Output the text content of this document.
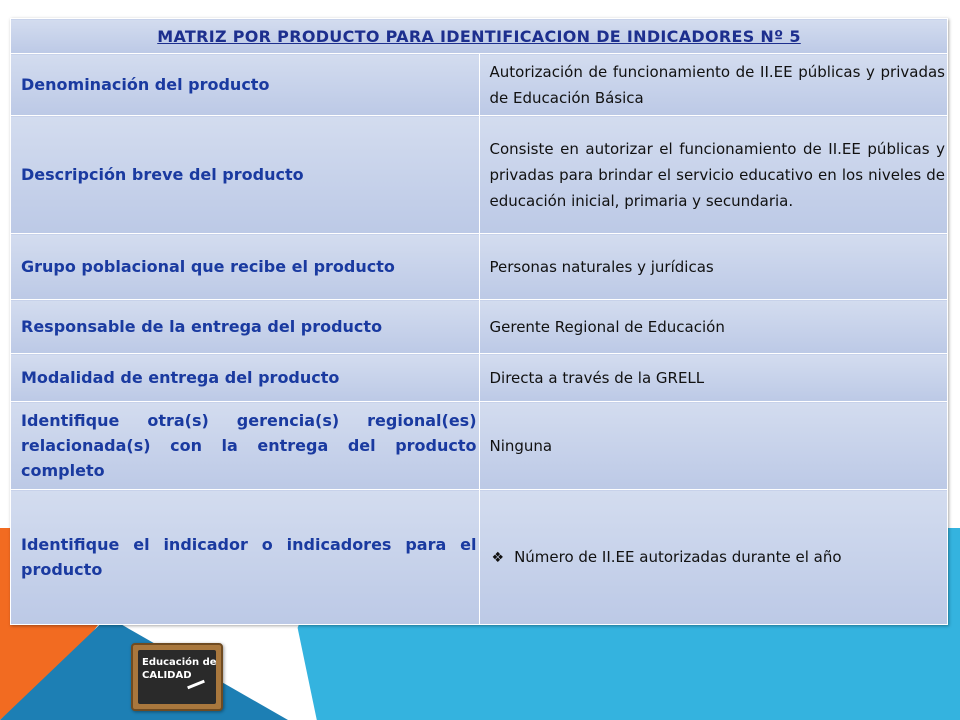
MATRIZ POR PRODUCTO PARA IDENTIFICACION DE INDICADORES Nº 5	
Denominación del producto	Autorización de funcionamiento de II.EE públicas y privadas de Educación Básica
Descripción breve del producto	Consiste en autorizar el funcionamiento de II.EE públicas y privadas para brindar el servicio educativo en los niveles de educación inicial, primaria y secundaria.
Grupo poblacional que recibe el producto	Personas naturales y jurídicas
Responsable de la entrega del producto	Gerente Regional de Educación
Modalidad de entrega del producto	Directa a través de la GRELL
Identifique otra(s) gerencia(s) regional(es) relacionada(s) con la entrega del producto completo	Ninguna
Identifique el indicador o indicadores para el producto	❖ Número de II.EE autorizadas durante el año
Educación de
CALIDAD
